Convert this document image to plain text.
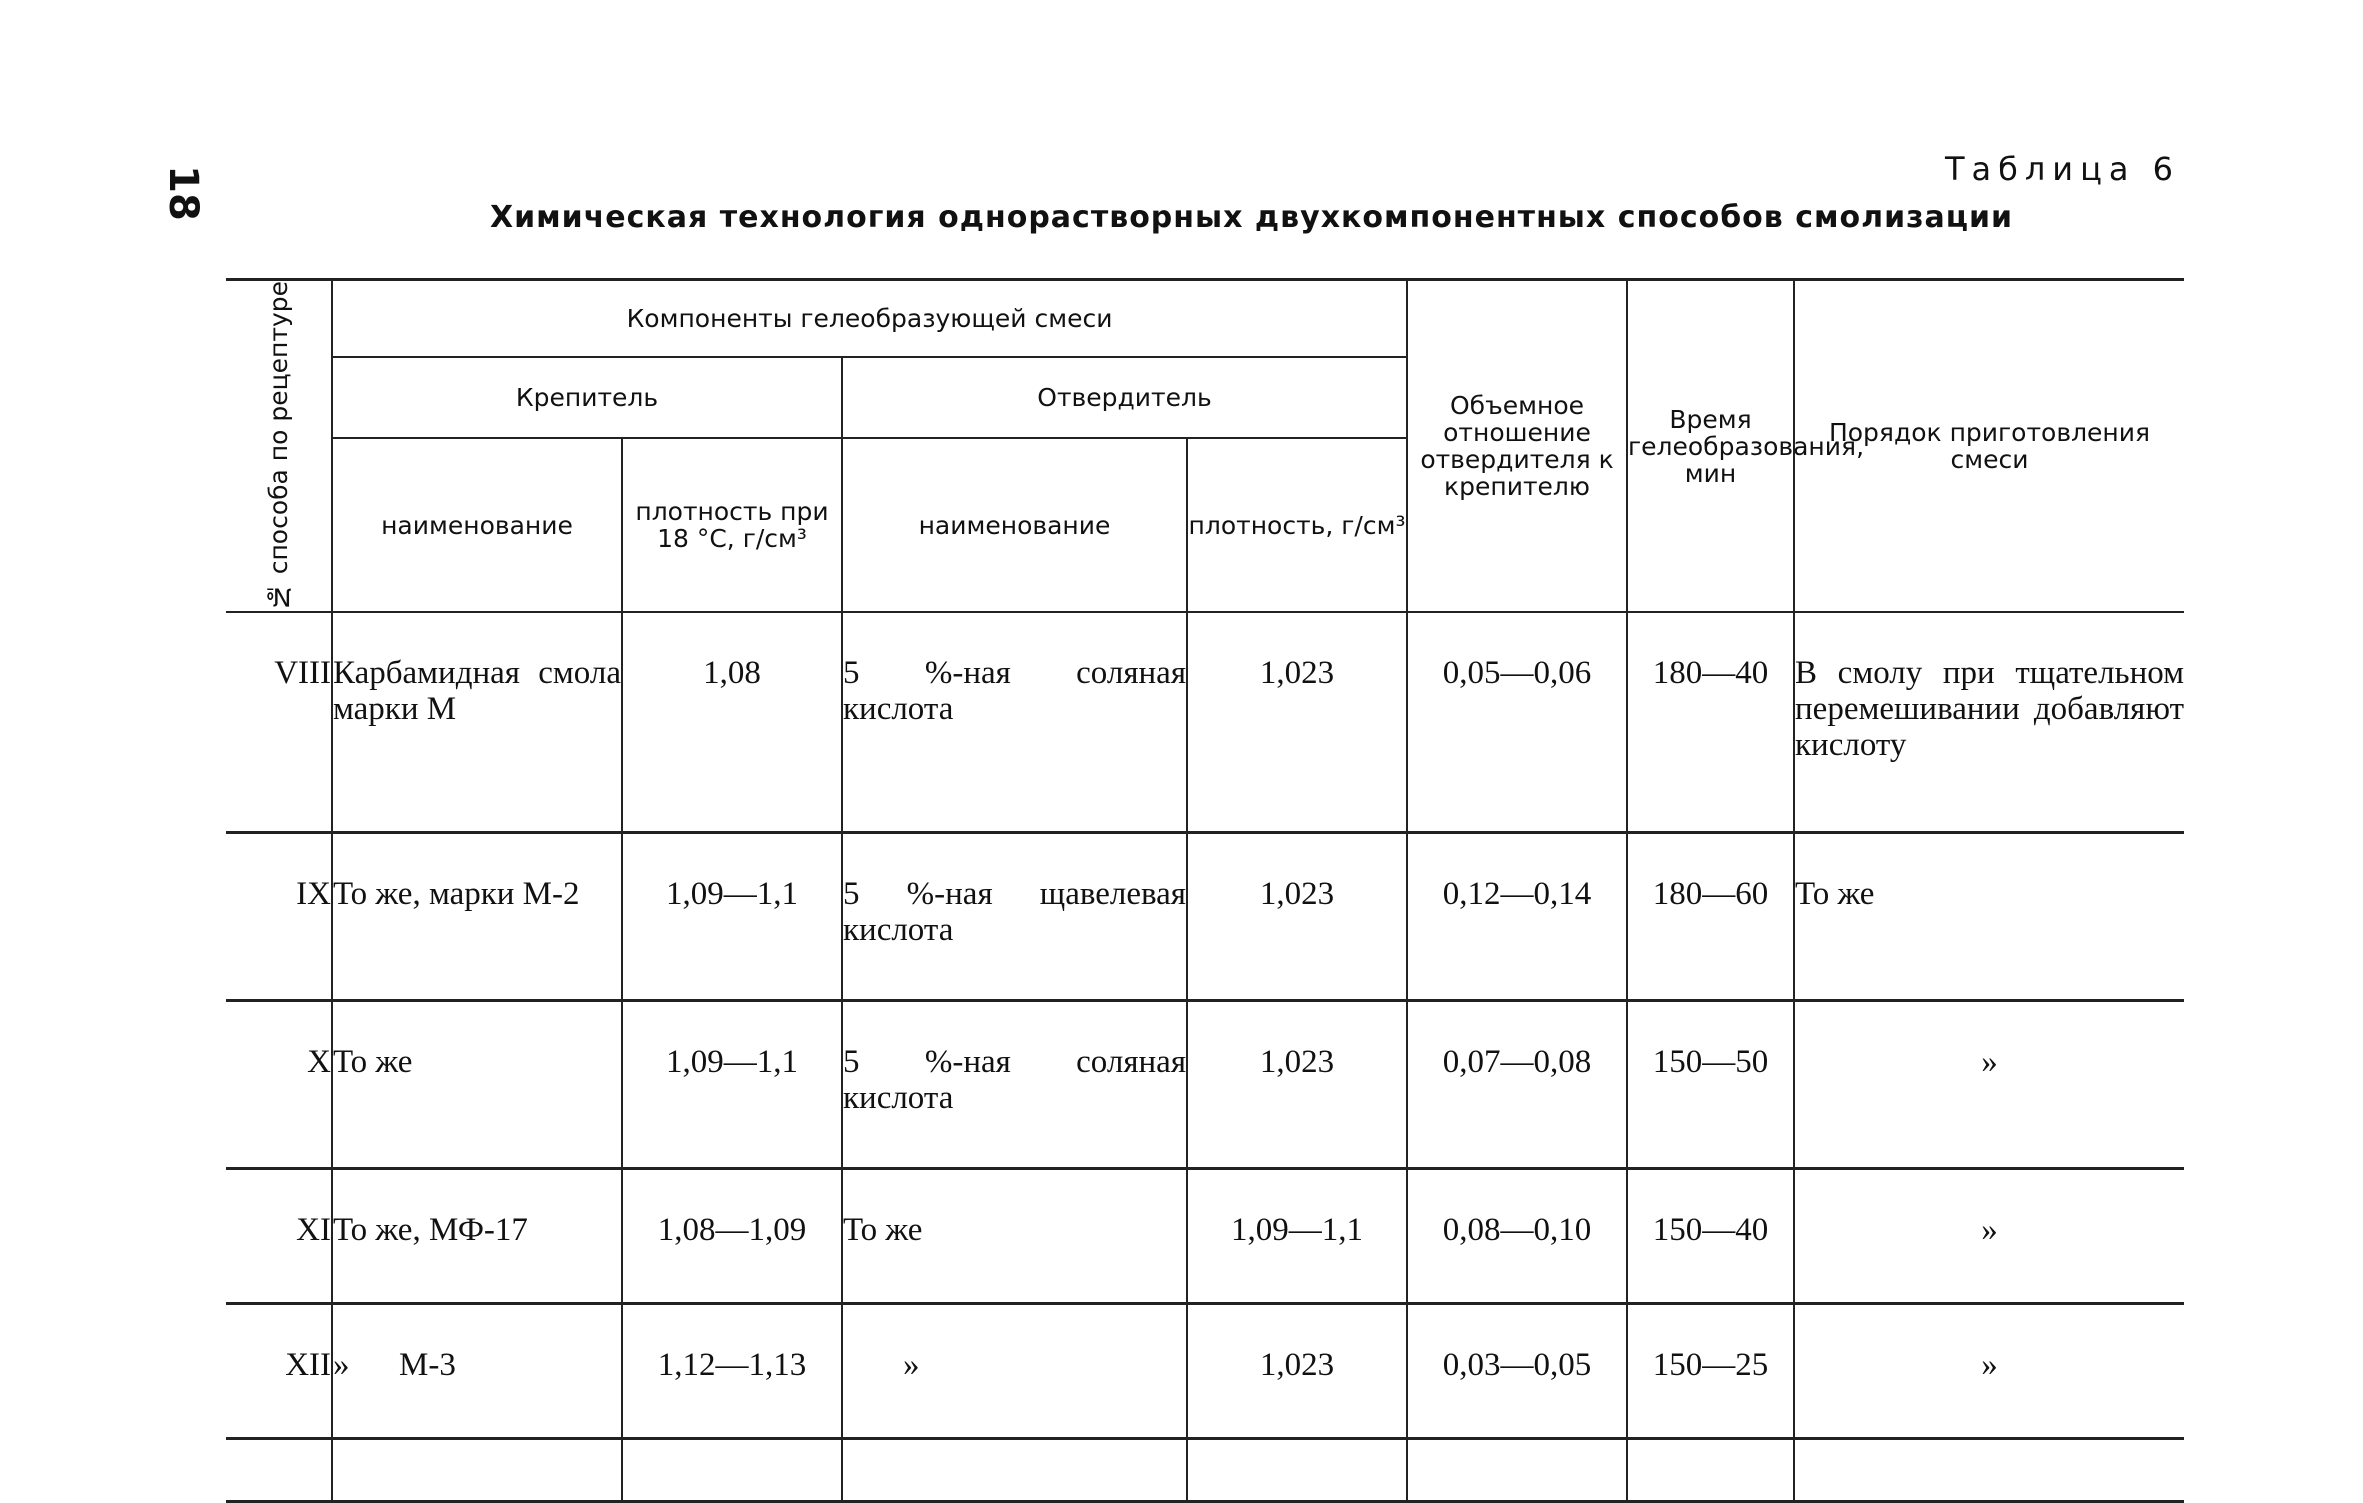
18	Таблица 6
Химическая технология однорастворных двухкомпонентных способов смолизации
№ способа по рецептуре	Компоненты гелеобразующей смеси				Объемное отношение отвердителя к крепителю	Время гелеобразования, мин	Порядок приготовления смеси
	Крепитель		Отвердитель				
	наименование	плотность при 18 °С, г/см³	наименование	плотность, г/см³			
VIII	Карбамидная смола марки М	1,08	5 %-ная соляная кислота	1,023	0,05—0,06	180—40	В смолу при тщательном перемешивании добавляют кислоту
IX	То же, марки М-2	1,09—1,1	5 %-ная щавелевая кислота	1,023	0,12—0,14	180—60	То же
X	То же	1,09—1,1	5 %-ная соляная кислота	1,023	0,07—0,08	150—50	»
XI	То же, МФ-17	1,08—1,09	То же	1,09—1,1	0,08—0,10	150—40	»
XII	»      М-3	1,12—1,13	»	1,023	0,03—0,05	150—25	»
